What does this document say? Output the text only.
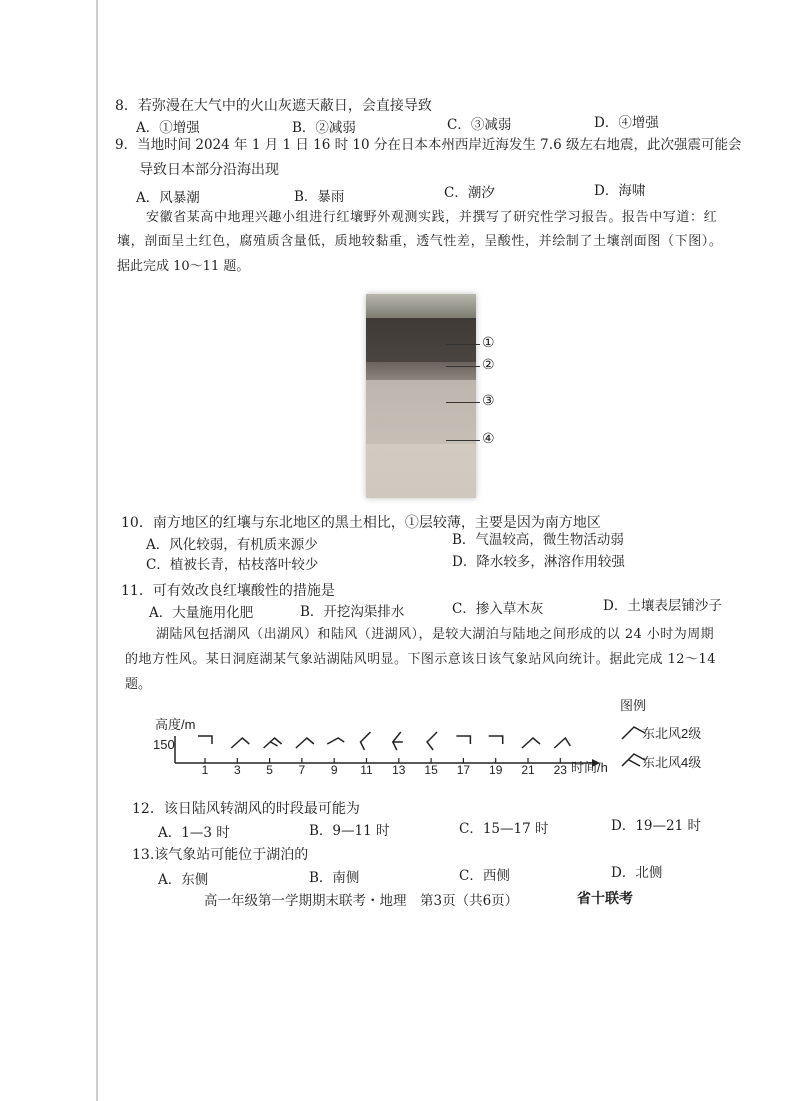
8．若弥漫在大气中的火山灰遮天蔽日，会直接导致
A．①增强	B．②减弱	C．③减弱	D．④增强
9．当地时间 2024 年 1 月 1 日 16 时 10 分在日本本州西岸近海发生 7.6 级左右地震，此次强震可能会
导致日本部分沿海出现
A．风暴潮	B．暴雨	C．潮汐	D．海啸
安徽省某高中地理兴趣小组进行红壤野外观测实践，并撰写了研究性学习报告。报告中写道：红
壤，剖面呈土红色，腐殖质含量低，质地较黏重，透气性差，呈酸性，并绘制了土壤剖面图（下图）。
据此完成 10～11 题。
①
②
③
④
10．南方地区的红壤与东北地区的黑土相比，①层较薄，主要是因为南方地区
A．风化较弱，有机质来源少	B．气温较高，微生物活动弱
C．植被长青，枯枝落叶较少	D．降水较多，淋溶作用较强
11．可有效改良红壤酸性的措施是
A．大量施用化肥	B．开挖沟渠排水	C．掺入草木灰	D．土壤表层铺沙子
湖陆风包括湖风（出湖风）和陆风（进湖风），是较大湖泊与陆地之间形成的以 24 小时为周期
的地方性风。某日洞庭湖某气象站湖陆风明显。下图示意该日该气象站风向统计。据此完成 12～14
题。
高度/m
150
1 3 5 7 9 11 13 15 17 19 21 23 时间/h
图例
东北风2级
东北风4级
12．该日陆风转湖风的时段最可能为
A．1—3 时	B．9—11 时	C．15—17 时	D．19—21 时
13.该气象站可能位于湖泊的
A．东侧	B．南侧	C．西侧	D．北侧
高一年级第一学期期末联考・地理　第3页（共6页）	省十联考
